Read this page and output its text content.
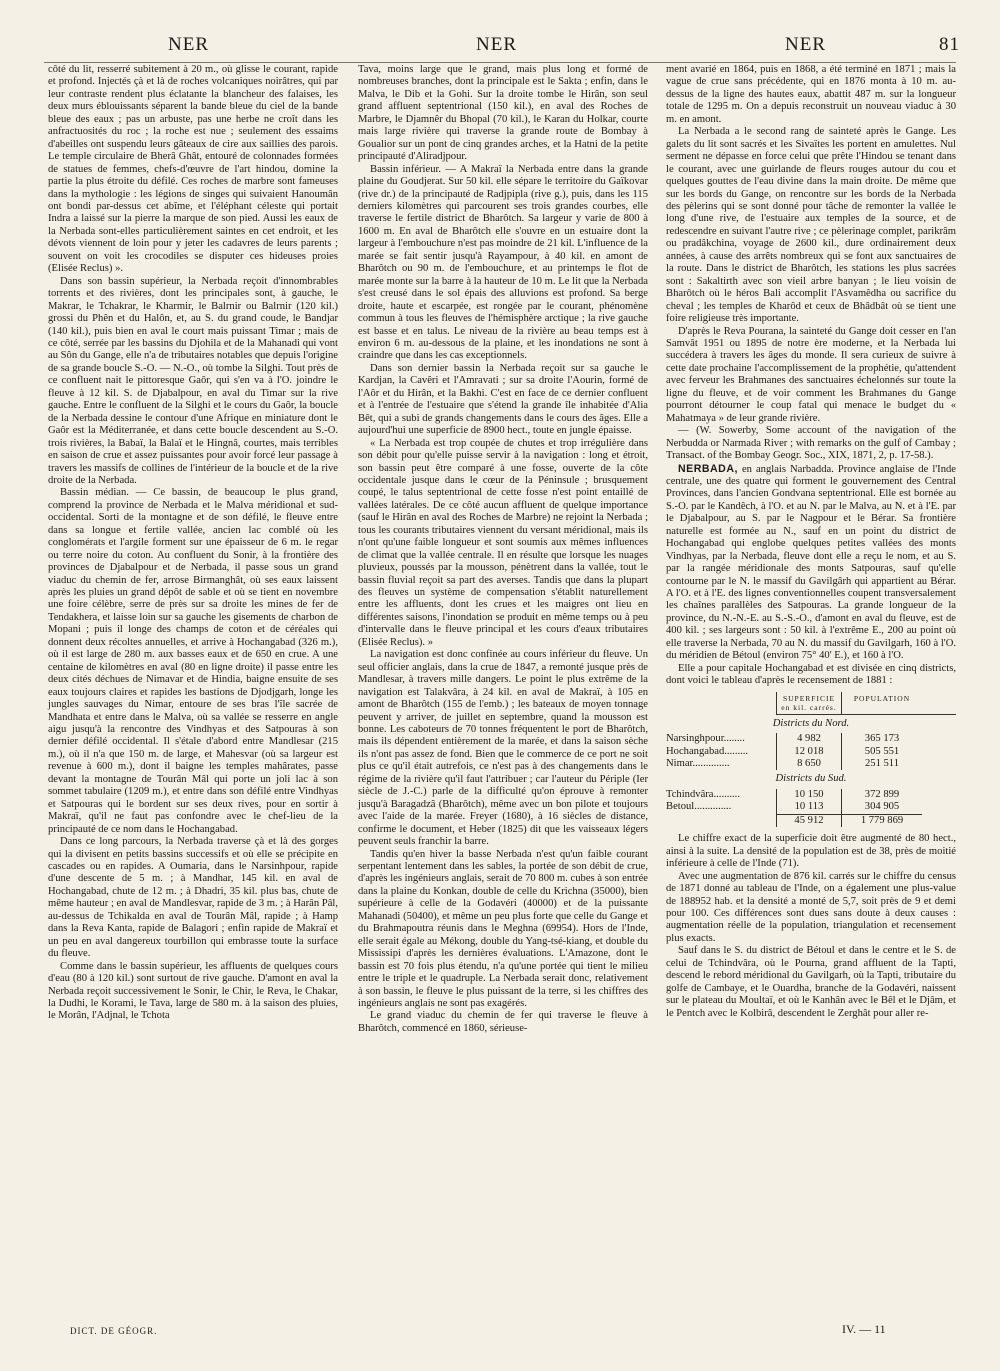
NER	NER	NER	81

côté du lit, resserré subitement à 20 m., où glisse le courant, rapide et profond. Injectés çà et là de roches volcaniques noirâtres, qui par leur contraste rendent plus éclatante la blancheur des falaises, les deux murs éblouissants séparent la bande bleue du ciel de la bande bleue des eaux ; pas un arbuste, pas une herbe ne croît dans les anfractuosités du roc ; la roche est nue ; seulement des essaims d'abeilles ont suspendu leurs gâteaux de cire aux saillies des parois. Le temple circulaire de Bherâ Ghât, entouré de colonnades formées de statues de femmes, chefs-d'œuvre de l'art hindou, domine la partie la plus étroite du défilé. Ces roches de marbre sont fameuses dans la mythologie : les légions de singes qui suivaient Hanoumân ont bondi par-dessus cet abîme, et l'éléphant céleste qui portait Indra a laissé sur la pierre la marque de son pied. Aussi les eaux de la Nerbada sont-elles particulièrement saintes en cet endroit, et les dévots viennent de loin pour y jeter les cadavres de leurs parents ; souvent on voit les crocodiles se disputer ces hideuses proies (Elisée Reclus) ».

Dans son bassin supérieur, la Nerbada reçoit d'innombrables torrents et des rivières, dont les principales sont, à gauche, le Makrar, le Tchakrar, le Kharmir, le Balrnir ou Balrnir (120 kil.) grossi du Phên et du Halôn, et, au S. du grand coude, le Bandjar (140 kil.), puis bien en aval le court mais puissant Timar ; mais de ce côté, serrée par les bassins du Djohila et de la Mahanadi qui vont au Sôn du Gange, elle n'a de tributaires notables que depuis l'origine de sa grande boucle S.-O. — N.-O., où tombe la Silghi. Tout près de ce confluent nait le pittoresque Gaôr, qui s'en va à l'O. joindre le fleuve à 12 kil. S. de Djabalpour, en aval du Timar sur la rive gauche. Entre le confluent de la Silghi et le cours du Gaôr, la boucle de la Nerbada dessine le contour d'une Afrique en miniature dont le Gaôr est la Méditerranée, et dans cette boucle descendent au S.-O. trois rivières, la Babaï, la Balaï et le Hingnâ, courtes, mais terribles en saison de crue et assez puissantes pour avoir forcé leur passage à travers les massifs de collines de l'intérieur de la boucle et de la rive droite de la Nerbada.

Bassin médian. — Ce bassin, de beaucoup le plus grand, comprend la province de Nerbada et le Malva méridional et sud-occidental. Sorti de la montagne et de son défilé, le fleuve entre dans sa longue et fertile vallée, ancien lac comblé où les conglomérats et l'argile forment sur une épaisseur de 6 m. le regar ou terre noire du coton. Au confluent du Sonir, à la frontière des provinces de Djabalpour et de Nerbada, il passe sous un grand viaduc du chemin de fer, arrose Birmanghât, où ses eaux laissent après les pluies un grand dépôt de sable et où se tient en novembre une foire célèbre, serre de près sur sa droite les mines de fer de Tendakhera, et laisse loin sur sa gauche les gisements de charbon de Mopani ; puis il longe des champs de coton et de céréales qui donnent deux récoltes annuelles, et arrive à Hochangabad (326 m.), où il est large de 280 m. aux basses eaux et de 650 en crue. A une centaine de kilomètres en aval (80 en ligne droite) il passe entre les deux cités déchues de Nimavar et de Hindia, baigne ensuite de ses eaux toujours claires et rapides les bastions de Djodjgarh, longe les jungles sauvages du Nimar, entoure de ses bras l'île sacrée de Mandhata et entre dans le Malva, où sa vallée se resserre en angle aigu jusqu'à la rencontre des Vindhyas et des Satpouras à son dernier défilé occidental. Il s'étale d'abord entre Mandlesar (215 m.), où il n'a que 150 m. de large, et Mahesvar (où sa largeur est revenue à 600 m.), dont il baigne les temples mahârates, passe devant la montagne de Tourân Mâl qui porte un joli lac à son sommet tabulaire (1209 m.), et entre dans son défilé entre Vindhyas et Satpouras qui le bordent sur ses deux rives, pour en sortir à Makraï, qu'il ne faut pas confondre avec le chef-lieu de la principauté de ce nom dans le Hochangabad.

Dans ce long parcours, la Nerbada traverse çà et là des gorges qui la divisent en petits bassins successifs et où elle se précipite en cascades ou en rapides. A Oumaria, dans le Narsinhpour, rapide d'une descente de 5 m. ; à Mandhar, 145 kil. en aval de Hochangabad, chute de 12 m. ; à Dhadri, 35 kil. plus bas, chute de même hauteur ; en aval de Mandlesvar, rapide de 3 m. ; à Harân Pâl, au-dessus de Tchikalda en aval de Tourân Mâl, rapide ; à Hamp dans la Reva Kanta, rapide de Balagori ; enfin rapide de Makraï et un peu en aval dangereux tourbillon qui embrasse toute la surface du fleuve.

Comme dans le bassin supérieur, les affluents de quelques cours d'eau (80 à 120 kil.) sont surtout de rive gauche. D'amont en aval la Nerbada reçoit successivement le Sonir, le Chir, le Reva, le Chakar, la Dudhi, le Korami, le Tava, large de 580 m. à la saison des pluies, le Morân, l'Adjnal, le Tchota

Tava, moins large que le grand, mais plus long et formé de nombreuses branches, dont la principale est le Sakta ; enfin, dans le Malva, le Dib et la Gohi. Sur la droite tombe le Hirân, son seul grand affluent septentrional (150 kil.), en aval des Roches de Marbre, le Djamnêr du Bhopal (70 kil.), le Karan du Holkar, courte mais large rivière qui traverse la grande route de Bombay à Goualior sur un pont de cinq grandes arches, et la Hatni de la petite principauté d'Aliradjpour.

Bassin inférieur. — A Makraï la Nerbada entre dans la grande plaine du Goudjerat. Sur 50 kil. elle sépare le territoire du Gaïkovar (rive dr.) de la principauté de Radjpipla (rive g.), puis, dans les 115 derniers kilomètres qui parcourent ses trois grandes courbes, elle traverse le fertile district de Bharôtch. Sa largeur y varie de 800 à 1600 m. En aval de Bharôtch elle s'ouvre en un estuaire dont la largeur à l'embouchure n'est pas moindre de 21 kil. L'influence de la marée se fait sentir jusqu'à Rayampour, à 40 kil. en amont de Bharôtch ou 90 m. de l'embouchure, et au printemps le flot de marée monte sur la barre à la hauteur de 10 m. Le lit que la Nerbada s'est creusé dans le sol épais des alluvions est profond. Sa berge droite, haute et escarpée, est rongée par le courant, phénomène commun à tous les fleuves de l'hémisphère arctique ; la rive gauche est basse et en talus. Le niveau de la rivière au beau temps est à environ 6 m. au-dessous de la plaine, et les inondations ne sont à craindre que dans les cas exceptionnels.

Dans son dernier bassin la Nerbada reçoit sur sa gauche le Kardjan, la Cavêri et l'Amravati ; sur sa droite l'Aourin, formé de l'Aôr et du Hirân, et la Bakhi. C'est en face de ce dernier confluent et à l'entrée de l'estuaire que s'étend la grande île inhabitée d'Alia Bêt, qui a subi de grands changements dans le cours des âges. Elle a aujourd'hui une superficie de 8900 hect., toute en jungle épaisse.

« La Nerbada est trop coupée de chutes et trop irrégulière dans son débit pour qu'elle puisse servir à la navigation : long et étroit, son bassin peut être comparé à une fosse, ouverte de la côte occidentale jusque dans le cœur de la Péninsule ; brusquement coupé, le talus septentrional de cette fosse n'est point entaillé de vallées latérales. De ce côté aucun affluent de quelque importance (sauf le Hirân en aval des Roches de Marbre) ne rejoint la Nerbada ; tous les courants tributaires viennent du versant méridional, mais ils n'ont qu'une faible longueur et sont soumis aux mêmes influences de climat que la vallée centrale. Il en résulte que lorsque les nuages pluvieux, poussés par la mousson, pénètrent dans la vallée, tout le bassin fluvial reçoit sa part des averses. Tandis que dans la plupart des fleuves un système de compensation s'établit naturellement entre les affluents, dont les crues et les maigres ont lieu en différentes saisons, l'inondation se produit en même temps ou à peu d'intervalle dans le fleuve principal et les cours d'eaux tributaires (Elisée Reclus). »

La navigation est donc confinée au cours inférieur du fleuve. Un seul officier anglais, dans la crue de 1847, a remonté jusque près de Mandlesar, à travers mille dangers. Le point le plus extrême de la navigation est Talakvâra, à 24 kil. en aval de Makraï, à 105 en amont de Bharôtch (155 de l'emb.) ; les bateaux de moyen tonnage peuvent y arriver, de juillet en septembre, quand la mousson est bonne. Les caboteurs de 70 tonnes fréquentent le port de Bharôtch, mais ils dépendent entièrement de la marée, et dans la saison sèche ils n'ont pas assez de fond. Bien que le commerce de ce port ne soit plus ce qu'il était autrefois, ce n'est pas à des changements dans le régime de la rivière qu'il faut l'attribuer ; car l'auteur du Périple (Ier siècle de J.-C.) parle de la difficulté qu'on éprouve à remonter jusqu'à Baragadzâ (Bharôtch), même avec un bon pilote et toujours avec l'aide de la marée. Freyer (1680), à 16 siècles de distance, confirme le document, et Heber (1825) dit que les vaisseaux légers peuvent seuls franchir la barre.

Tandis qu'en hiver la basse Nerbada n'est qu'un faible courant serpentant lentement dans les sables, la portée de son débit de crue, d'après les ingénieurs anglais, serait de 70 800 m. cubes à son entrée dans la plaine du Konkan, double de celle du Krichna (35000), bien supérieure à celle de la Godavéri (40000) et de la puissante Mahanadi (50400), et même un peu plus forte que celle du Gange et du Brahmapoutra réunis dans le Meghna (69954). Hors de l'Inde, elle serait égale au Mékong, double du Yang-tsé-kiang, et double du Mississipi d'après les dernières évaluations. L'Amazone, dont le bassin est 70 fois plus étendu, n'a qu'une portée qui tient le milieu entre le triple et le quadruple. La Nerbada serait donc, relativement à son bassin, le fleuve le plus puissant de la terre, si les chiffres des ingénieurs anglais ne sont pas exagérés.

Le grand viaduc du chemin de fer qui traverse le fleuve à Bharôtch, commencé en 1860, sérieuse-

ment avarié en 1864, puis en 1868, a été terminé en 1871 ; mais la vague de crue sans précédente, qui en 1876 monta à 10 m. au-dessus de la ligne des hautes eaux, abattit 487 m. sur la longueur totale de 1295 m. On a depuis reconstruit un nouveau viaduc à 30 m. en amont.

La Nerbada a le second rang de sainteté après le Gange. Les galets du lit sont sacrés et les Sivaïtes les portent en amulettes. Nul serment ne dépasse en force celui que prête l'Hindou se tenant dans le courant, avec une guirlande de fleurs rouges autour du cou et quelques gouttes de l'eau divine dans la main droite. De même que sur les bords du Gange, on rencontre sur les bords de la Nerbada des pèlerins qui se sont donné pour tâche de remonter la vallée le long d'une rive, de l'estuaire aux temples de la source, et de redescendre en suivant l'autre rive ; ce pèlerinage complet, parikrâm ou pradâkchina, voyage de 2600 kil., dure ordinairement deux années, à cause des arrêts nombreux qui se font aux sanctuaires de la route. Dans le district de Bharôtch, les stations les plus sacrées sont : Sakaltirth avec son vieil arbre banyan ; le lieu voisin de Bharôtch où le héros Bali accomplit l'Asvamêdha ou sacrifice du cheval ; les temples de Kharôd et ceux de Bhâdbât où se tient une foire religieuse très importante.

D'après le Reva Pourana, la sainteté du Gange doit cesser en l'an Samvât 1951 ou 1895 de notre ère moderne, et la Nerbada lui succédera à travers les âges du monde. Il sera curieux de suivre à cette date prochaine l'accomplissement de la prophétie, qu'attendent avec ferveur les Brahmanes des sanctuaires échelonnés sur toute la ligne du fleuve, et de voir comment les Brahmanes du Gange pourront détourner le coup fatal qui menace le budget du « Mahatmaya » de leur grande rivière.

— (W. Sowerby, Some account of the navigation of the Nerbudda or Narmada River ; with remarks on the gulf of Cambay ; Transact. of the Bombay Geogr. Soc., XIX, 1871, 2, p. 17-58.).

NERBADA, en anglais Narbadda. Province anglaise de l'Inde centrale, une des quatre qui forment le gouvernement des Central Provinces, dans l'ancien Gondvana septentrional. Elle est bornée au S.-O. par le Kandêch, à l'O. et au N. par le Malva, au N. et à l'E. par le Djabalpour, au S. par le Nagpour et le Bérar. Sa frontière naturelle est formée au N., sauf en un point du district de Hochangabad qui englobe quelques petites vallées des monts Vindhyas, par la Nerbada, fleuve dont elle a reçu le nom, et au S. par la rangée méridionale des monts Satpouras, sauf qu'elle contourne par le N. le massif du Gavilgârh qui appartient au Bérar. A l'O. et à l'E. des lignes conventionnelles coupent transversalement les chaînes parallèles des Satpouras. La grande longueur de la province, du N.-N.-E. au S.-S.-O., d'amont en aval du fleuve, est de 400 kil. ; ses largeurs sont : 50 kil. à l'extrême E., 200 au point où elle traverse la Nerbada, 70 au N. du massif du Gavilgarh, 160 à l'O. du méridien de Bétoul (environ 75° 40' E.), et 160 à l'O.

Elle a pour capitale Hochangabad et est divisée en cinq districts, dont voici le tableau d'après le recensement de 1881 :

SUPERFICIE en kil. carrés.
POPULATION
Districts du Nord.
Narsinghpour........	4 982	365 173
Hochangabad.........	12 018	505 551
Nimar..............	8 650	251 511
Districts du Sud.
Tchindvâra..........	10 150	372 899
Betoul..............	10 113	304 905
45 912	1 779 869

Le chiffre exact de la superficie doit être augmenté de 80 hect., ainsi à la suite. La densité de la population est de 38, près de moitié inférieure à celle de l'Inde (71).

Avec une augmentation de 876 kil. carrés sur le chiffre du census de 1871 donné au tableau de l'Inde, on a également une plus-value de 188952 hab. et la densité a monté de 5,7, soit près de 9 et demi pour 100. Ces différences sont dues sans doute à deux causes : augmentation réelle de la population, triangulation et recensement plus exacts.

Sauf dans le S. du district de Bétoul et dans le centre et le S. de celui de Tchindvâra, où le Pourna, grand affluent de la Tapti, descend le rebord méridional du Gavilgarh, où la Tapti, tributaire du golfe de Cambaye, et le Ouardha, branche de la Godavéri, naissent sur le plateau du Moultaï, et où le Kanhân avec le Bêl et le Djâm, et le Pentch avec le Kolbirâ, descendent le Zerghât pour aller re-

DICT. DE GÉOGR.	IV. — 11
